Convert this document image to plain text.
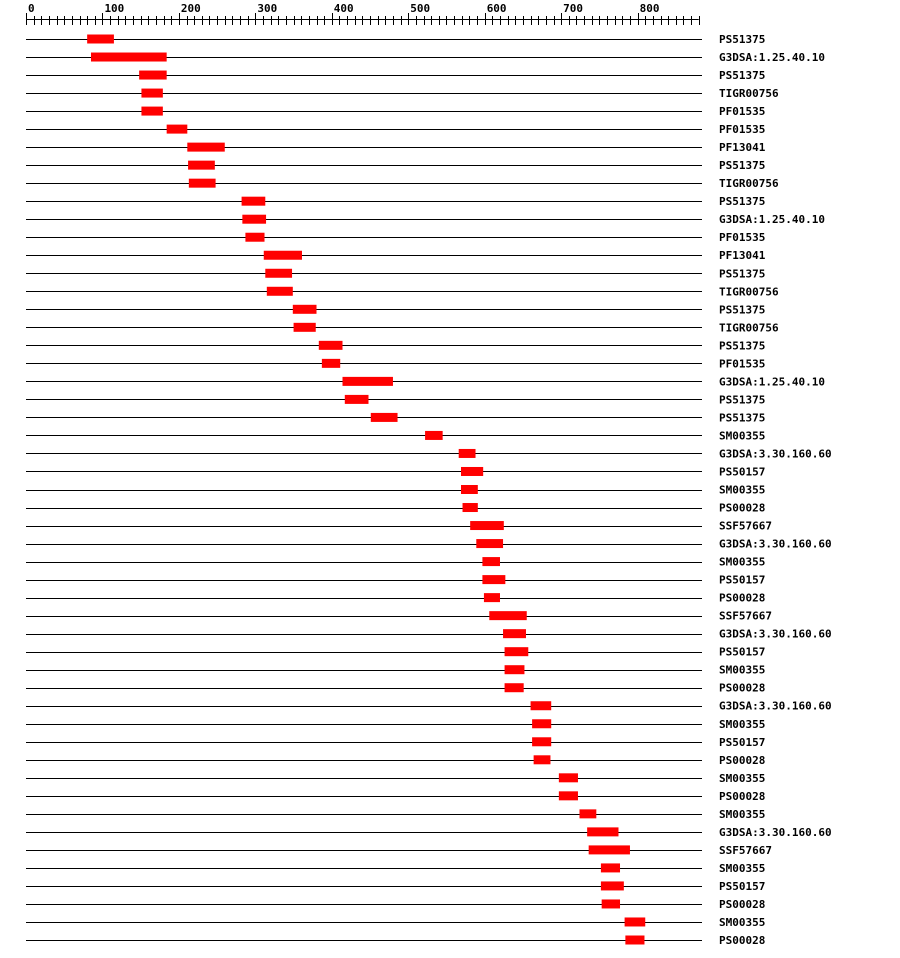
0	100	200	300	400	500	600	700	800
PS51375
G3DSA:1.25.40.10
PS51375
TIGR00756
PF01535
PF01535
PF13041
PS51375
TIGR00756
PS51375
G3DSA:1.25.40.10
PF01535
PF13041
PS51375
TIGR00756
PS51375
TIGR00756
PS51375
PF01535
G3DSA:1.25.40.10
PS51375
PS51375
SM00355
G3DSA:3.30.160.60
PS50157
SM00355
PS00028
SSF57667
G3DSA:3.30.160.60
SM00355
PS50157
PS00028
SSF57667
G3DSA:3.30.160.60
PS50157
SM00355
PS00028
G3DSA:3.30.160.60
SM00355
PS50157
PS00028
SM00355
PS00028
SM00355
G3DSA:3.30.160.60
SSF57667
SM00355
PS50157
PS00028
SM00355
PS00028
